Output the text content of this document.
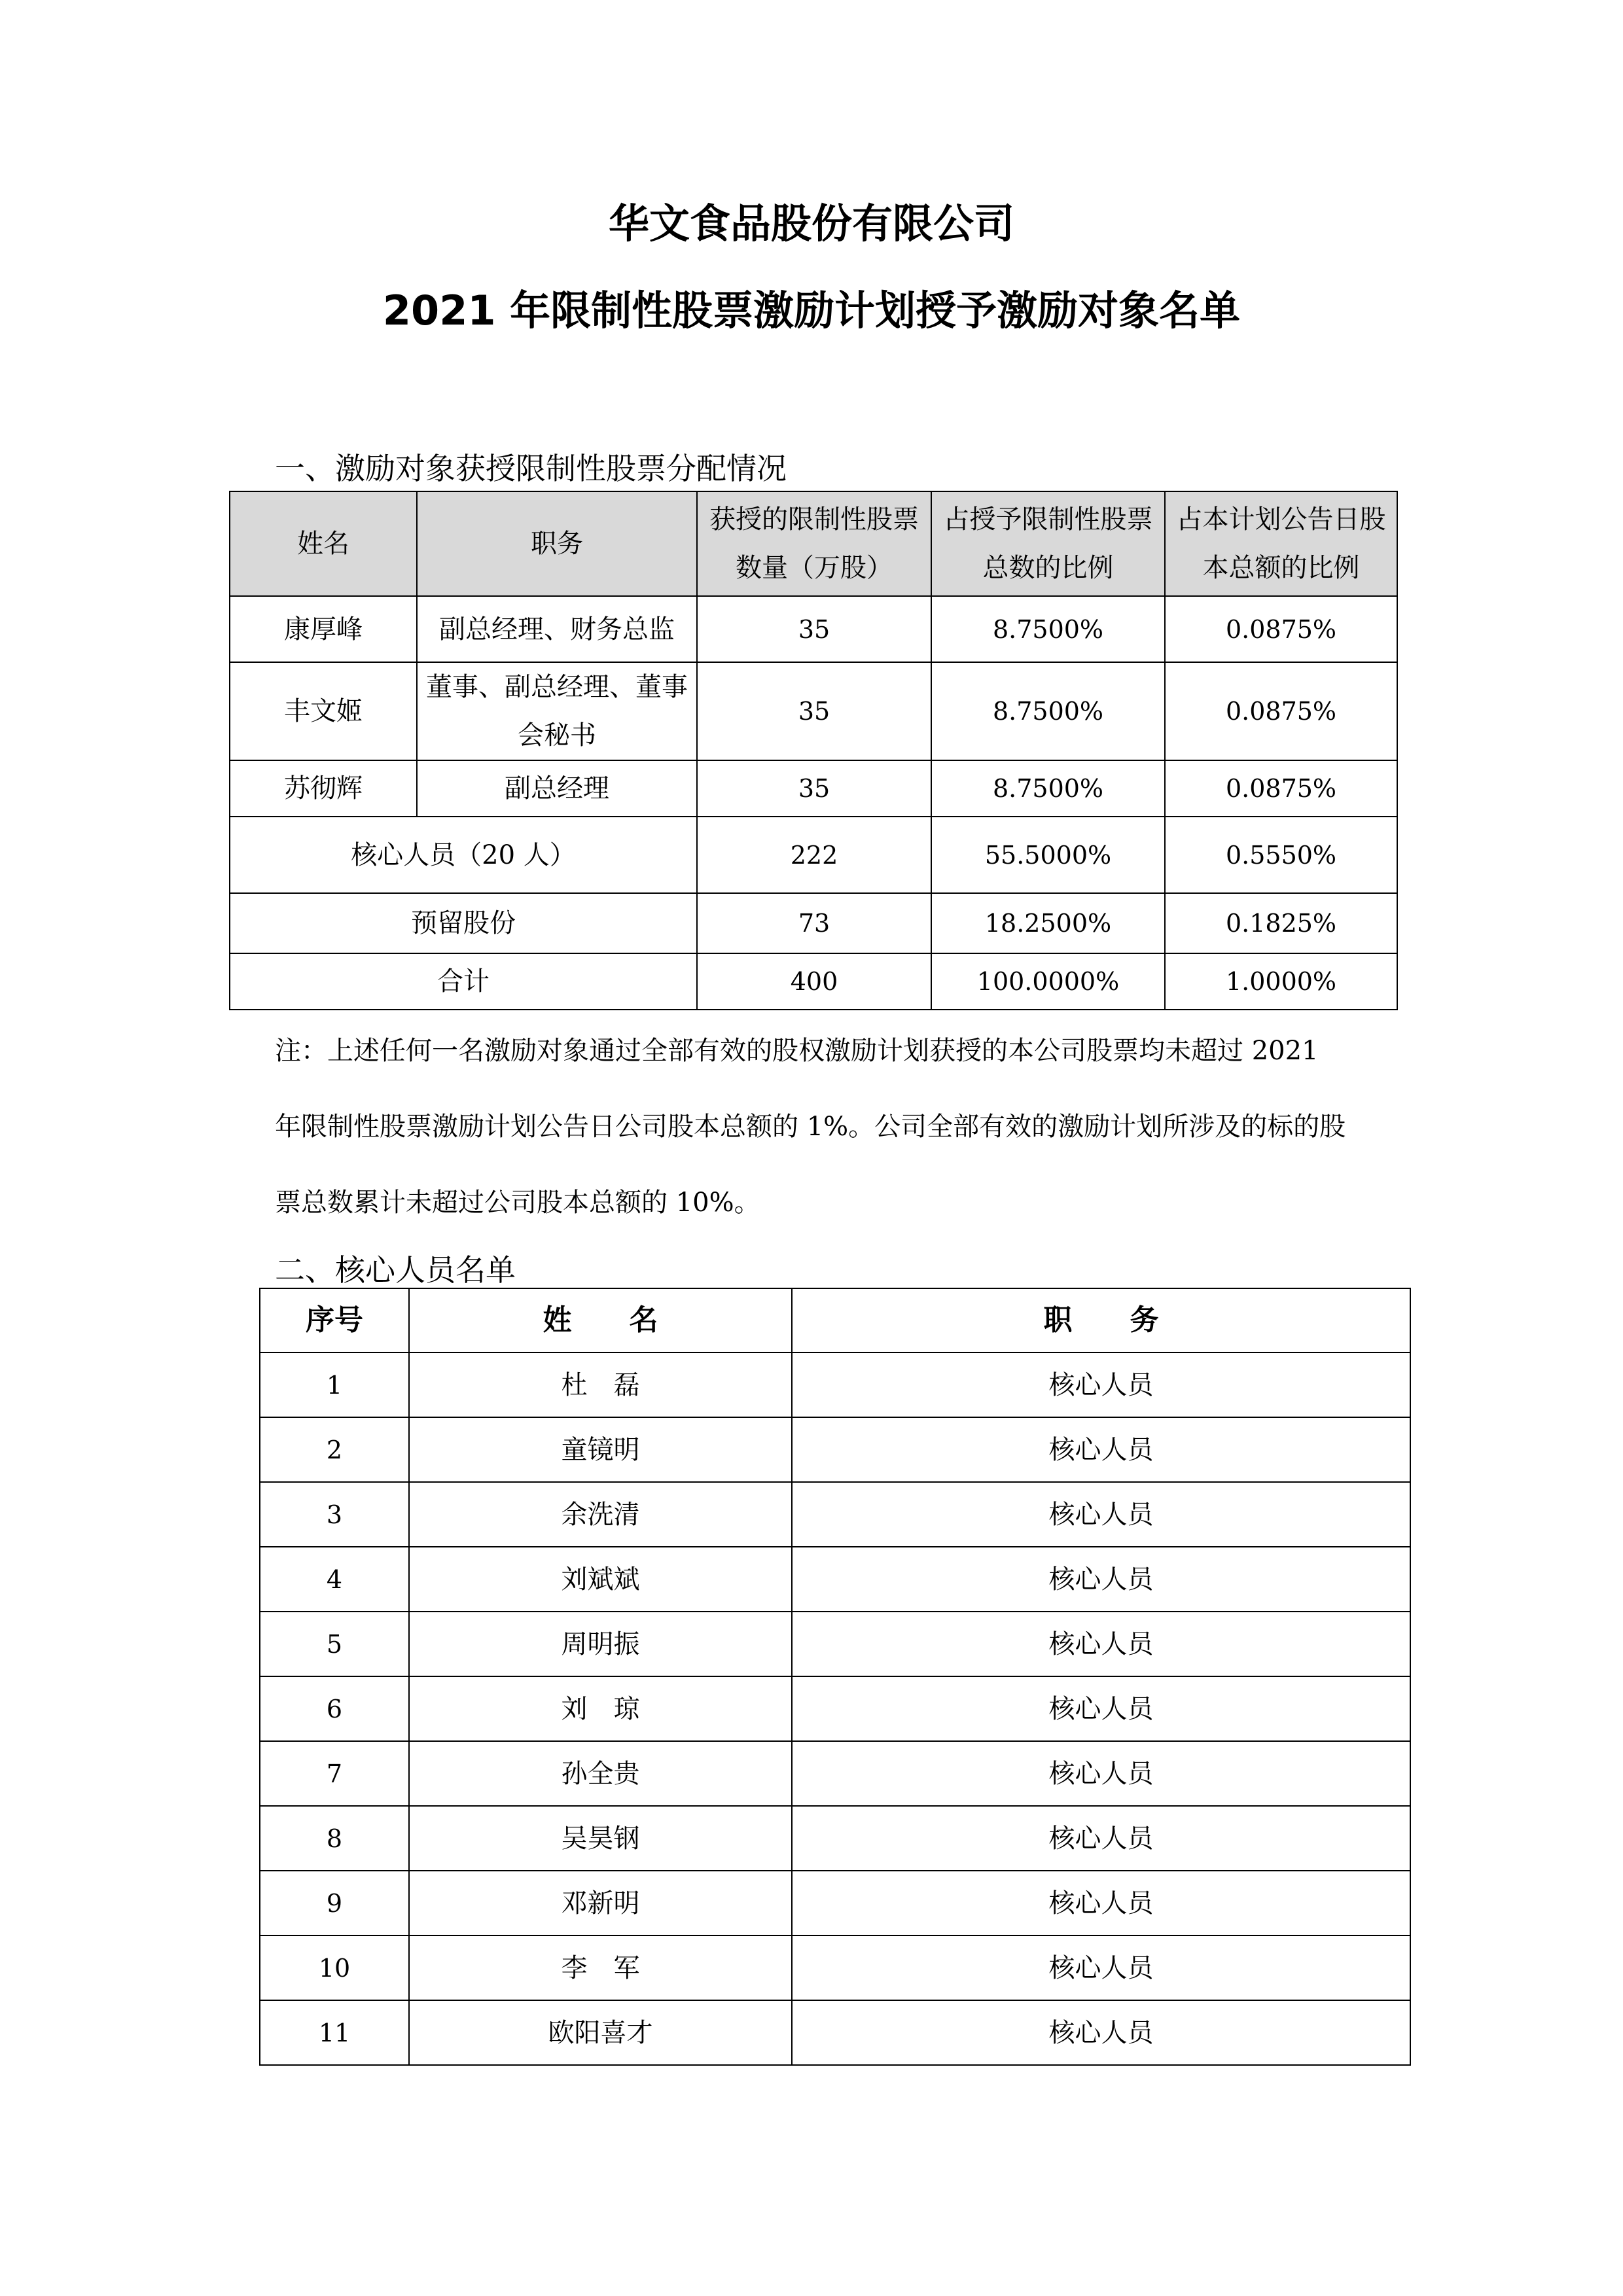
华文食品股份有限公司
2021 年限制性股票激励计划授予激励对象名单
一、激励对象获授限制性股票分配情况
姓名	职务	获授的限制性股票数量（万股）	占授予限制性股票总数的比例	占本计划公告日股本总额的比例
康厚峰	副总经理、财务总监	35	8.7500%	0.0875%
丰文姬	董事、副总经理、董事会秘书	35	8.7500%	0.0875%
苏彻辉	副总经理	35	8.7500%	0.0875%
核心人员（20 人）		222	55.5000%	0.5550%
预留股份		73	18.2500%	0.1825%
合计		400	100.0000%	1.0000%
注：上述任何一名激励对象通过全部有效的股权激励计划获授的本公司股票均未超过 2021 年限制性股票激励计划公告日公司股本总额的 1%。公司全部有效的激励计划所涉及的标的股票总数累计未超过公司股本总额的 10%。
二、核心人员名单
序号	姓　　名	职　　务
1	杜　磊	核心人员
2	童镜明	核心人员
3	余洗清	核心人员
4	刘斌斌	核心人员
5	周明振	核心人员
6	刘　琼	核心人员
7	孙全贵	核心人员
8	吴昊钢	核心人员
9	邓新明	核心人员
10	李　军	核心人员
11	欧阳喜才	核心人员
